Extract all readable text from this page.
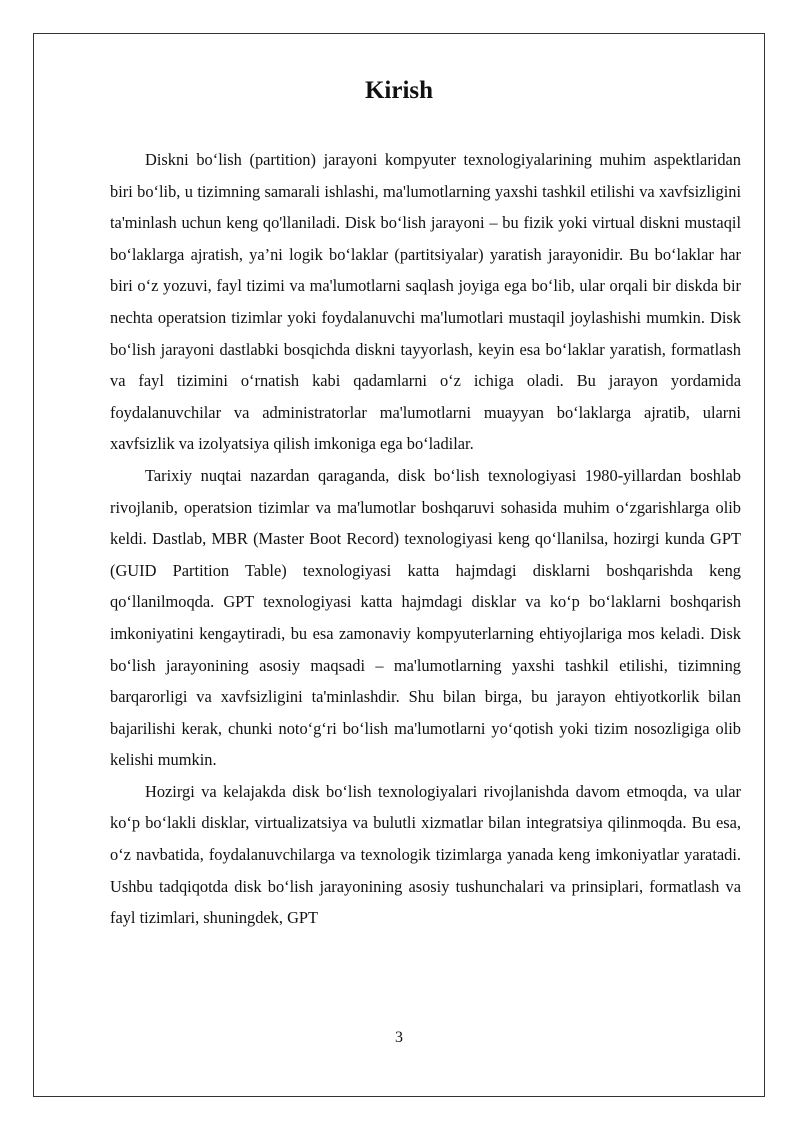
Kirish

Diskni bo‘lish (partition) jarayoni kompyuter texnologiyalarining muhim aspektlaridan biri bo‘lib, u tizimning samarali ishlashi, ma'lumotlarning yaxshi tashkil etilishi va xavfsizligini ta'minlash uchun keng qo'llaniladi. Disk bo‘lish jarayoni – bu fizik yoki virtual diskni mustaqil bo‘laklarga ajratish, ya’ni logik bo‘laklar (partitsiyalar) yaratish jarayonidir. Bu bo‘laklar har biri o‘z yozuvi, fayl tizimi va ma'lumotlarni saqlash joyiga ega bo‘lib, ular orqali bir diskda bir nechta operatsion tizimlar yoki foydalanuvchi ma'lumotlari mustaqil joylashishi mumkin. Disk bo‘lish jarayoni dastlabki bosqichda diskni tayyorlash, keyin esa bo‘laklar yaratish, formatlash va fayl tizimini o‘rnatish kabi qadamlarni o‘z ichiga oladi. Bu jarayon yordamida foydalanuvchilar va administratorlar ma'lumotlarni muayyan bo‘laklarga ajratib, ularni xavfsizlik va izolyatsiya qilish imkoniga ega bo‘ladilar.

Tarixiy nuqtai nazardan qaraganda, disk bo‘lish texnologiyasi 1980-yillardan boshlab rivojlanib, operatsion tizimlar va ma'lumotlar boshqaruvi sohasida muhim o‘zgarishlarga olib keldi. Dastlab, MBR (Master Boot Record) texnologiyasi keng qo‘llanilsa, hozirgi kunda GPT (GUID Partition Table) texnologiyasi katta hajmdagi disklarni boshqarishda keng qo‘llanilmoqda. GPT texnologiyasi katta hajmdagi disklar va ko‘p bo‘laklarni boshqarish imkoniyatini kengaytiradi, bu esa zamonaviy kompyuterlarning ehtiyojlariga mos keladi. Disk bo‘lish jarayonining asosiy maqsadi – ma'lumotlarning yaxshi tashkil etilishi, tizimning barqarorligi va xavfsizligini ta'minlashdir. Shu bilan birga, bu jarayon ehtiyotkorlik bilan bajarilishi kerak, chunki noto‘g‘ri bo‘lish ma'lumotlarni yo‘qotish yoki tizim nosozligiga olib kelishi mumkin.

Hozirgi va kelajakda disk bo‘lish texnologiyalari rivojlanishda davom etmoqda, va ular ko‘p bo‘lakli disklar, virtualizatsiya va bulutli xizmatlar bilan integratsiya qilinmoqda. Bu esa, o‘z navbatida, foydalanuvchilarga va texnologik tizimlarga yanada keng imkoniyatlar yaratadi. Ushbu tadqiqotda disk bo‘lish jarayonining asosiy tushunchalari va prinsiplari, formatlash va fayl tizimlari, shuningdek, GPT

3
